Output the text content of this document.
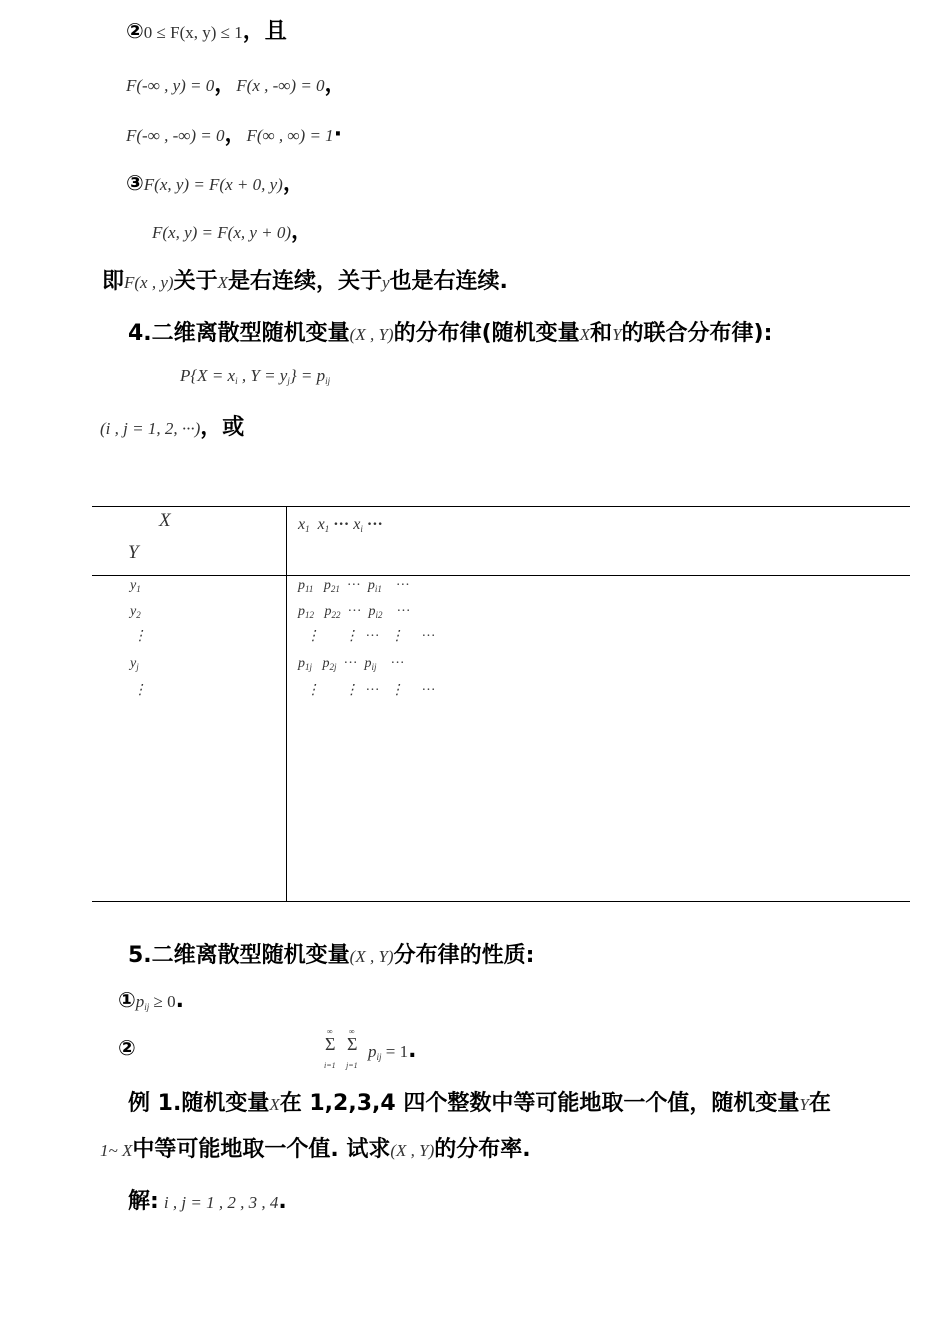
②0 ≤ F(x, y) ≤ 1，且
F(-∞ , y) = 0，F(x , -∞) = 0，
F(-∞ , -∞) = 0，F(∞ , ∞) = 1·
③F(x, y) = F(x + 0, y)，
F(x, y) = F(x, y + 0)，
即F(x , y)关于X是右连续，关于y也是右连续.
4.二维离散型随机变量(X , Y)的分布律(随机变量X和Y的联合分布律):
$P\{X = x_i$ , $Y = y_j\} = p_{ij}$
(i , j = 1, 2, ···)，或
X
Y
$x_1$ $x_1$ ··· $x_i$ ···
$y_1$
$y_2$
⋮
$y_j$
⋮
$p_{11}$ $p_{21}$ ··· $p_{i1}$ ···
$p_{12}$ $p_{22}$ ··· $p_{i2}$ ···
⋮ ⋮ ··· ⋮ ···
$p_{1j}$ $p_{2j}$ ··· $p_{ij}$ ···
⋮ ⋮ ··· ⋮ ···
5.二维离散型随机变量(X , Y)分布律的性质:
$①p_{ij} \ge 0$.
②
∞ ∞
Σ Σ
i=1 j=1
$p_{ij} = 1$.
例 1.随机变量X在 1,2,3,4 四个整数中等可能地取一个值，随机变量Y在
1~ X中等可能地取一个值. 试求(X , Y)的分布率.
解: i , j = 1 , 2 , 3 , 4.
